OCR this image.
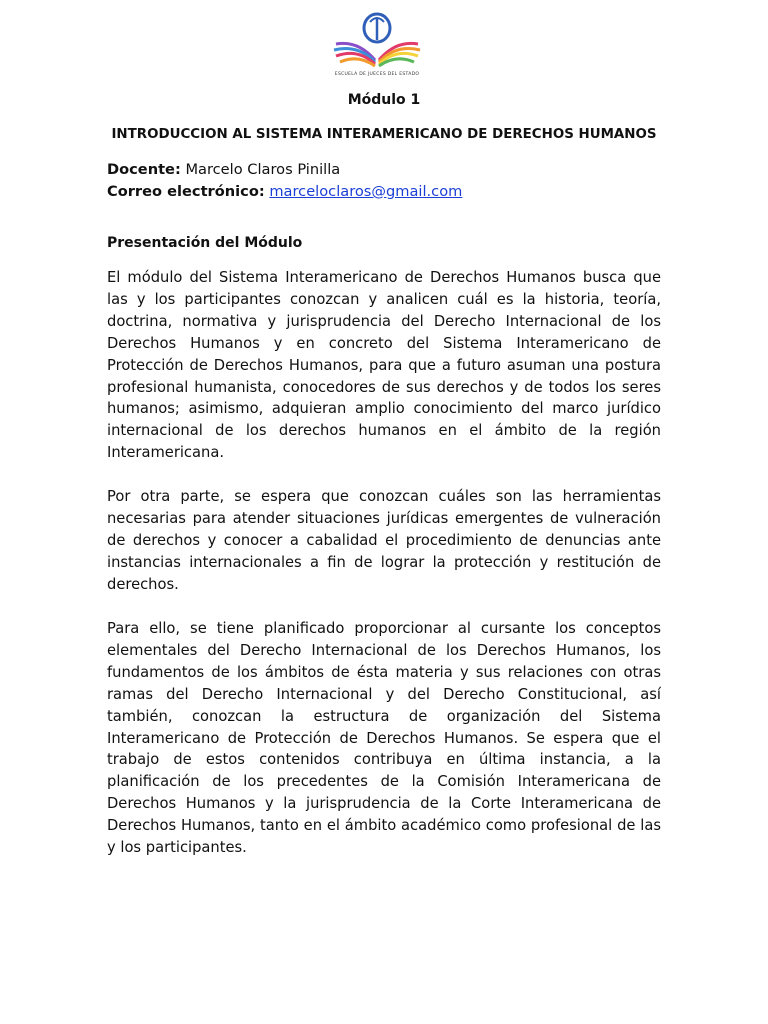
ESCUELA DE JUECES DEL ESTADO
Módulo 1
INTRODUCCION AL SISTEMA INTERAMERICANO DE DERECHOS HUMANOS
Docente: Marcelo Claros Pinilla
Correo electrónico: marceloclaros@gmail.com
Presentación del Módulo

El módulo del Sistema Interamericano de Derechos Humanos busca que las y los participantes conozcan y analicen cuál es la historia, teoría, doctrina, normativa y jurisprudencia del Derecho Internacional de los Derechos Humanos y en concreto del Sistema Interamericano de Protección de Derechos Humanos, para que a futuro asuman una postura profesional humanista, conocedores de sus derechos y de todos los seres humanos; asimismo, adquieran amplio conocimiento del marco jurídico internacional de los derechos humanos en el ámbito de la región Interamericana.

Por otra parte, se espera que conozcan cuáles son las herramientas necesarias para atender situaciones jurídicas emergentes de vulneración de derechos y conocer a cabalidad el procedimiento de denuncias ante instancias internacionales a fin de lograr la protección y restitución de derechos.

Para ello, se tiene planificado proporcionar al cursante los conceptos elementales del Derecho Internacional de los Derechos Humanos, los fundamentos de los ámbitos de ésta materia y sus relaciones con otras ramas del Derecho Internacional y del Derecho Constitucional, así también, conozcan la estructura de organización del Sistema Interamericano de Protección de Derechos Humanos. Se espera que el trabajo de estos contenidos contribuya en última instancia, a la planificación de los precedentes de la Comisión Interamericana de Derechos Humanos y la jurisprudencia de la Corte Interamericana de Derechos Humanos, tanto en el ámbito académico como profesional de las y los participantes.
